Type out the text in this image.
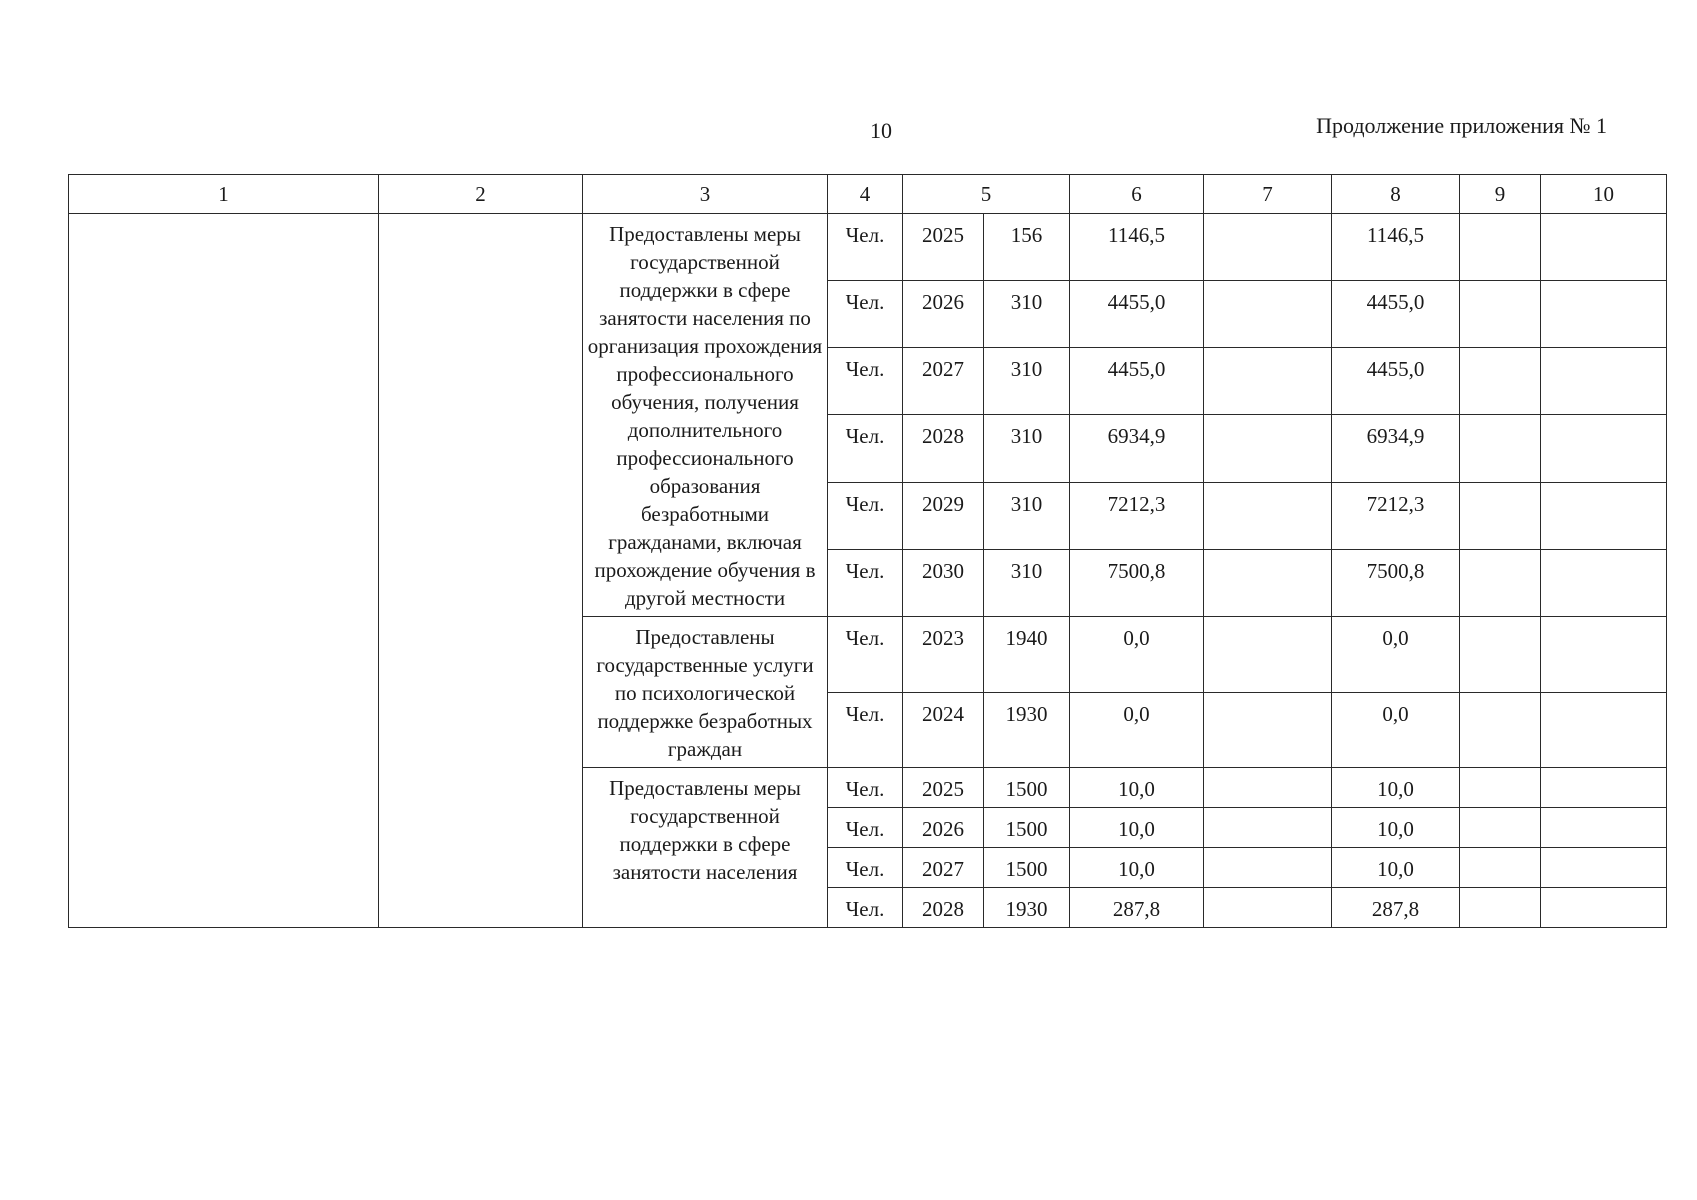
10	Продолжение приложения № 1
1	2	3	4	5		6	7	8	9	10
		Предоставлены меры государственной поддержки в сфере занятости населения по организация прохождения профессионального обучения, получения дополнительного профессионального образования безработными гражданами, включая прохождение обучения в другой местности	Чел.	2025	156	1146,5		1146,5		
			Чел.	2026	310	4455,0		4455,0		
			Чел.	2027	310	4455,0		4455,0		
			Чел.	2028	310	6934,9		6934,9		
			Чел.	2029	310	7212,3		7212,3		
			Чел.	2030	310	7500,8		7500,8		
		Предоставлены государственные услуги по психологической поддержке безработных граждан	Чел.	2023	1940	0,0		0,0		
			Чел.	2024	1930	0,0		0,0		
		Предоставлены меры государственной поддержки в сфере занятости населения	Чел.	2025	1500	10,0		10,0		
			Чел.	2026	1500	10,0		10,0		
			Чел.	2027	1500	10,0		10,0		
			Чел.	2028	1930	287,8		287,8		
